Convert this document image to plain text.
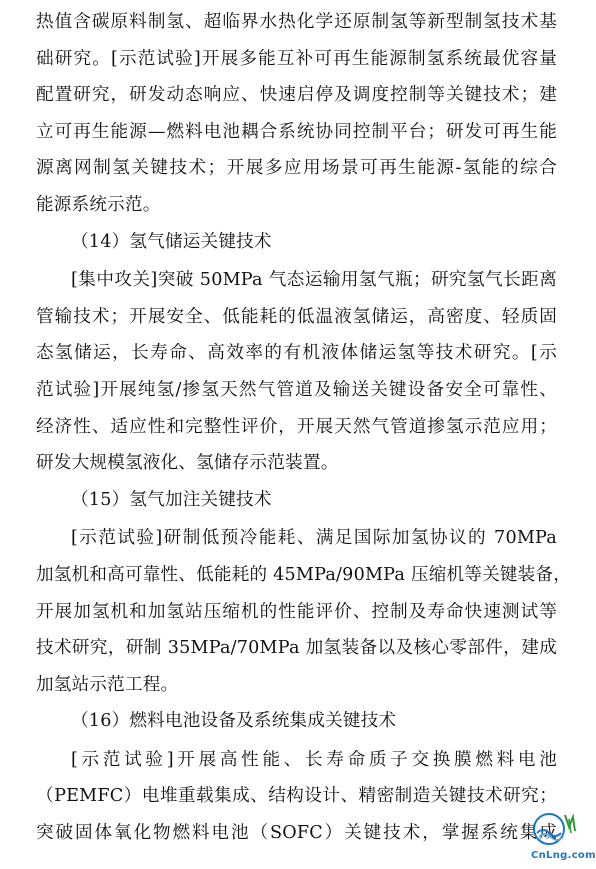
热值含碳原料制氢、超临界水热化学还原制氢等新型制氢技术基
础研究。[示范试验]开展多能互补可再生能源制氢系统最优容量
配置研究，研发动态响应、快速启停及调度控制等关键技术；建
立可再生能源—燃料电池耦合系统协同控制平台；研发可再生能
源离网制氢关键技术；开展多应用场景可再生能源-氢能的综合
能源系统示范。
（14）氢气储运关键技术
[集中攻关]突破 50MPa 气态运输用氢气瓶；研究氢气长距离
管输技术；开展安全、低能耗的低温液氢储运，高密度、轻质固
态氢储运，长寿命、高效率的有机液体储运氢等技术研究。[示
范试验]开展纯氢/掺氢天然气管道及输送关键设备安全可靠性、
经济性、适应性和完整性评价，开展天然气管道掺氢示范应用；
研发大规模氢液化、氢储存示范装置。
（15）氢气加注关键技术
[示范试验]研制低预冷能耗、满足国际加氢协议的 70MPa
加氢机和高可靠性、低能耗的 45MPa/90MPa 压缩机等关键装备，
开展加氢机和加氢站压缩机的性能评价、控制及寿命快速测试等
技术研究，研制 35MPa/70MPa 加氢装备以及核心零部件，建成
加氢站示范工程。
（16）燃料电池设备及系统集成关键技术
[示范试验]开展高性能、长寿命质子交换膜燃料电池
（PEMFC）电堆重载集成、结构设计、精密制造关键技术研究；
突破固体氧化物燃料电池（SOFC）关键技术，掌握系统集成
CnLng.com
